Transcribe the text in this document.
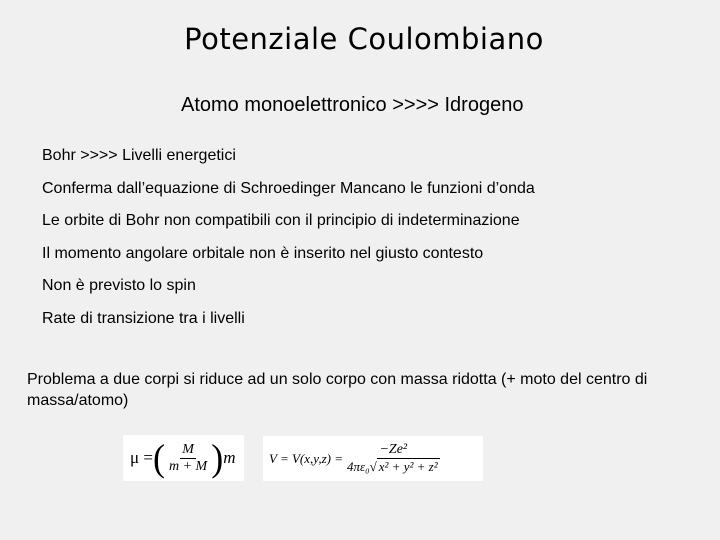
Potenziale Coulombiano
Atomo monoelettronico >>>> Idrogeno
Bohr >>>> Livelli energetici
Conferma dall’equazione di Schroedinger Mancano le funzioni d’onda
Le orbite di Bohr non compatibili con il principio di indeterminazione
Il momento angolare orbitale non è inserito nel giusto contesto
Non è previsto lo spin
Rate di transizione tra i livelli
Problema a due corpi si riduce ad un solo corpo con massa ridotta (+ moto del centro di massa/atomo)
μ = ( $\frac{M}{m + M}$ ) m	$V = V(x,y,z) = \frac{\text{−Ze²}}{\text{4πε₀√ x² + y² + z²}}$
